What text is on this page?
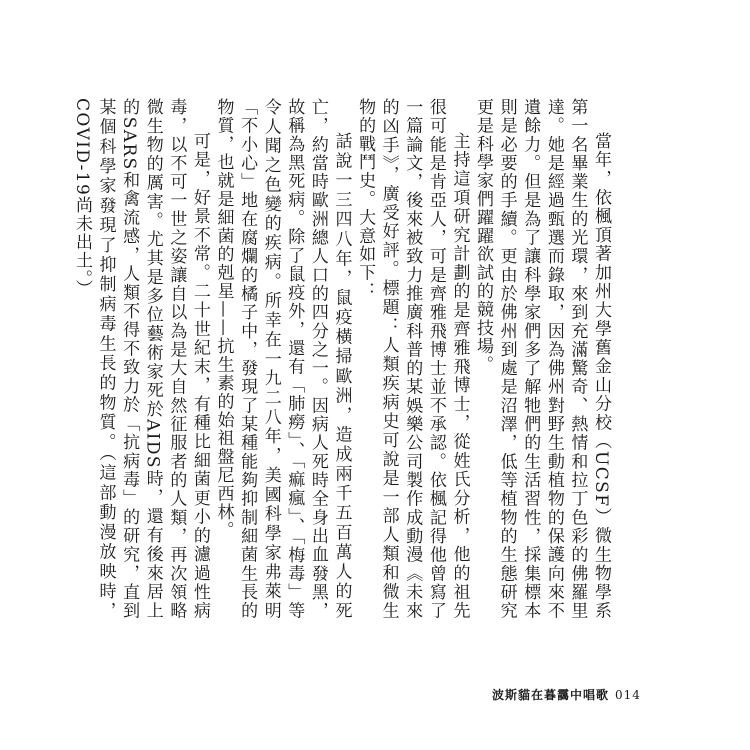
當年，依楓頂著加州大學舊金山分校（UCSF）微生物學系第一名畢業生的光環，來到充滿驚奇、熱情和拉丁色彩的佛羅里達。她是經過甄選而錄取，因為佛州對野生動植物的保護向來不遺餘力。但是為了讓科學家們多了解牠們的生活習性，採集標本則是必要的手續。更由於佛州到處是沼澤，低等植物的生態研究更是科學家們躍躍欲試的競技場。

主持這項研究計劃的是齊雅飛博士，從姓氏分析，他的祖先很可能是肯亞人，可是齊雅飛博士並不承認。依楓記得他曾寫了一篇論文，後來被致力推廣科普的某娛樂公司製作成動漫《未來的凶手》，廣受好評。標題：人類疾病史可說是一部人類和微生物的戰鬥史。大意如下：

話說一三四八年，鼠疫橫掃歐洲，造成兩千五百萬人的死亡，約當時歐洲總人口的四分之一。因病人死時全身出血發黑，故稱為黑死病。除了鼠疫外，還有「肺癆」、「痲瘋」、「梅毒」等令人聞之色變的疾病。所幸在一九二八年，美國科學家弗萊明「不小心」地在腐爛的橘子中，發現了某種能夠抑制細菌生長的物質，也就是細菌的剋星——抗生素的始祖盤尼西林。

可是，好景不常。二十世紀末，有種比細菌更小的濾過性病毒，以不可一世之姿讓自以為是大自然征服者的人類，再次領略微生物的厲害。尤其是多位藝術家死於AIDS時，還有後來居上的SARS和禽流感，人類不得不致力於「抗病毒」的研究，直到某個科學家發現了抑制病毒生長的物質。（這部動漫放映時，COVID-19尚未出土。）

波斯貓在暮靄中唱歌 014
